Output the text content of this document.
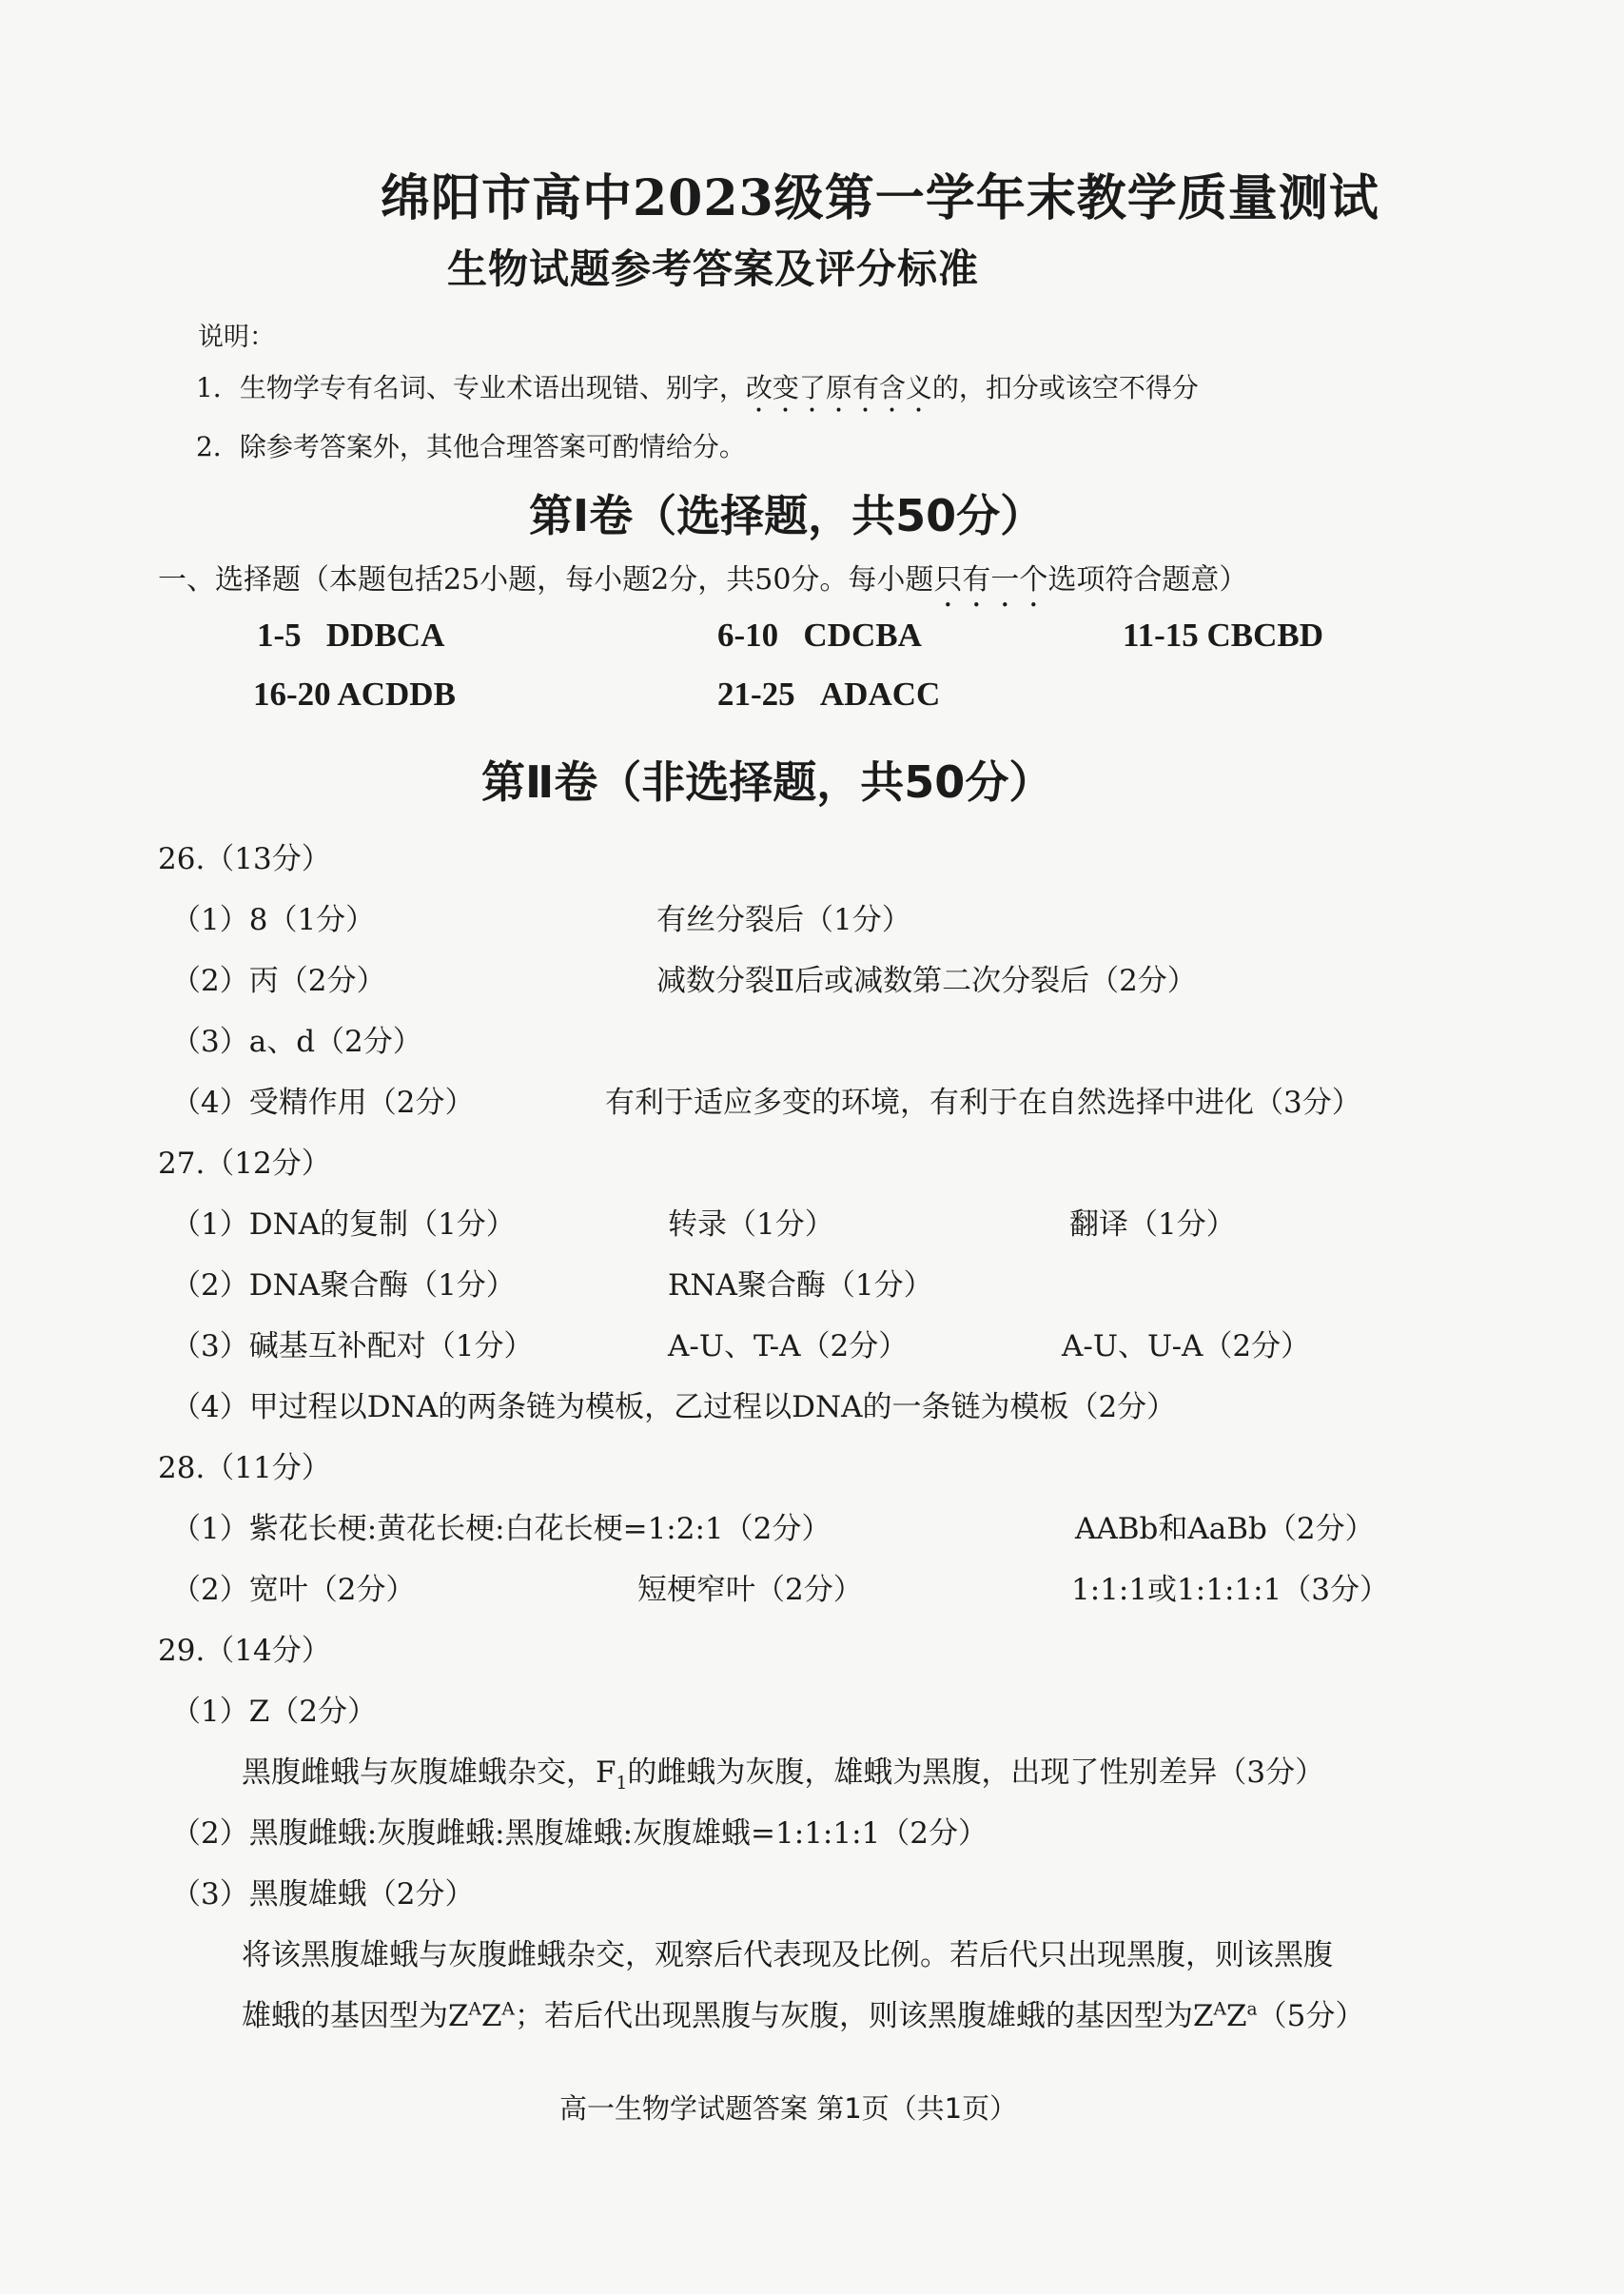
绵阳市高中2023级第一学年末教学质量测试
生物试题参考答案及评分标准
说明：
1．生物学专有名词、专业术语出现错、别字，改变了原有含义的，扣分或该空不得分
2．除参考答案外，其他合理答案可酌情给分。
第Ⅰ卷（选择题，共50分）
一、选择题（本题包括25小题，每小题2分，共50分。每小题只有一个选项符合题意）
1-5 DDBCA	6-10 CDCBA	11-15 CBCBD
16-20 ACDDB	21-25 ADACC
第Ⅱ卷（非选择题，共50分）
26.（13分）
（1）8（1分）	有丝分裂后（1分）
（2）丙（2分）	减数分裂Ⅱ后或减数第二次分裂后（2分）
（3）a、d（2分）
（4）受精作用（2分）	有利于适应多变的环境，有利于在自然选择中进化（3分）
27.（12分）
（1）DNA的复制（1分）	转录（1分）	翻译（1分）
（2）DNA聚合酶（1分）	RNA聚合酶（1分）
（3）碱基互补配对（1分）	A-U、T-A（2分）	A-U、U-A（2分）
（4）甲过程以DNA的两条链为模板，乙过程以DNA的一条链为模板（2分）
28.（11分）
（1）紫花长梗:黄花长梗:白花长梗=1:2:1（2分）	AABb和AaBb（2分）
（2）宽叶（2分）	短梗窄叶（2分）	1:1:1或1:1:1:1（3分）
29.（14分）
（1）Z（2分）
黑腹雌蛾与灰腹雄蛾杂交，$F_1$的雌蛾为灰腹，雄蛾为黑腹，出现了性别差异（3分）
（2）黑腹雌蛾:灰腹雌蛾:黑腹雄蛾:灰腹雄蛾=1:1:1:1（2分）
（3）黑腹雄蛾（2分）
将该黑腹雄蛾与灰腹雌蛾杂交，观察后代表现及比例。若后代只出现黑腹，则该黑腹
雄蛾的基因型为$Z^AZ^A$；若后代出现黑腹与灰腹，则该黑腹雄蛾的基因型为$Z^AZ^a(5$分）
高一生物学试题答案 第1页（共1页）
